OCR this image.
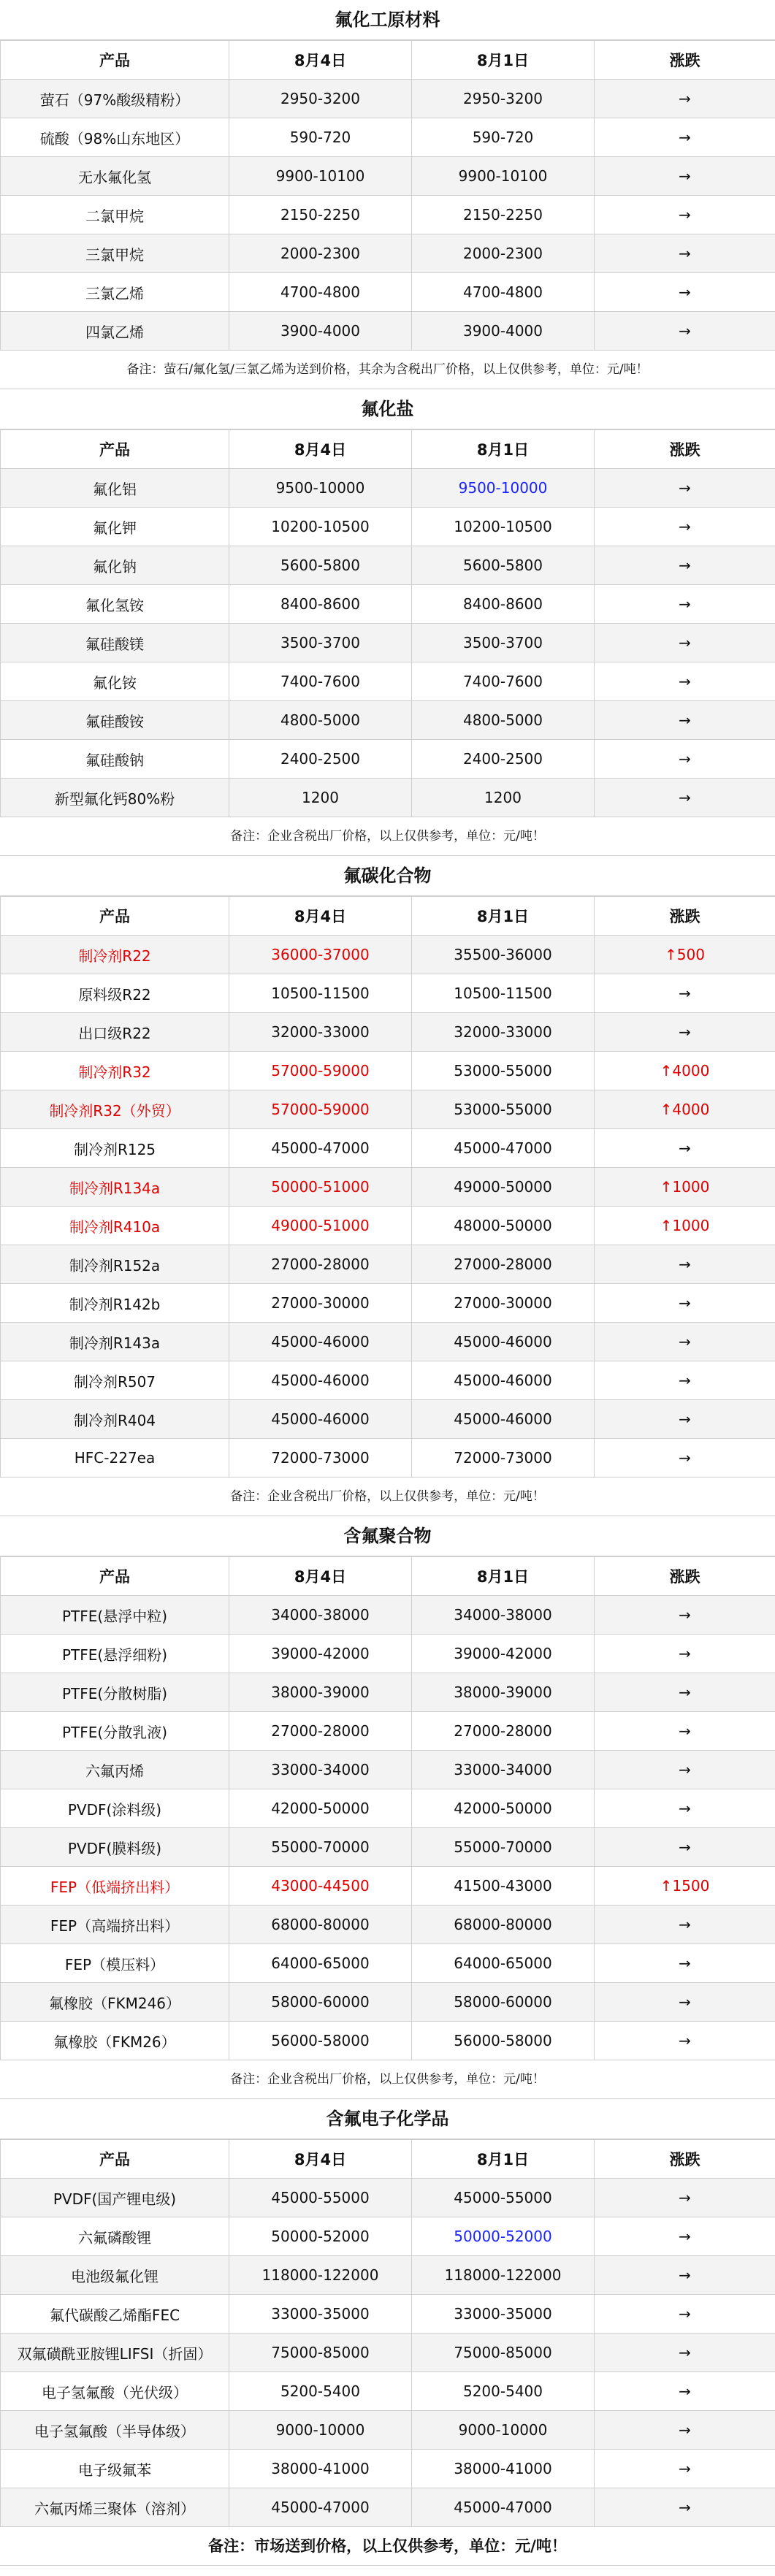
氟化工原材料
产品	8月4日	8月1日	涨跌
萤石（97%酸级精粉）	2950-3200	2950-3200	→
硫酸（98%山东地区）	590-720	590-720	→
无水氟化氢	9900-10100	9900-10100	→
二氯甲烷	2150-2250	2150-2250	→
三氯甲烷	2000-2300	2000-2300	→
三氯乙烯	4700-4800	4700-4800	→
四氯乙烯	3900-4000	3900-4000	→
备注：萤石/氟化氢/三氯乙烯为送到价格，其余为含税出厂价格，以上仅供参考，单位：元/吨！
氟化盐
产品	8月4日	8月1日	涨跌
氟化铝	9500-10000	9500-10000	→
氟化钾	10200-10500	10200-10500	→
氟化钠	5600-5800	5600-5800	→
氟化氢铵	8400-8600	8400-8600	→
氟硅酸镁	3500-3700	3500-3700	→
氟化铵	7400-7600	7400-7600	→
氟硅酸铵	4800-5000	4800-5000	→
氟硅酸钠	2400-2500	2400-2500	→
新型氟化钙80%粉	1200	1200	→
备注：企业含税出厂价格，以上仅供参考，单位：元/吨！
氟碳化合物
产品	8月4日	8月1日	涨跌
制冷剂R22	36000-37000	35500-36000	↑500
原料级R22	10500-11500	10500-11500	→
出口级R22	32000-33000	32000-33000	→
制冷剂R32	57000-59000	53000-55000	↑4000
制冷剂R32（外贸）	57000-59000	53000-55000	↑4000
制冷剂R125	45000-47000	45000-47000	→
制冷剂R134a	50000-51000	49000-50000	↑1000
制冷剂R410a	49000-51000	48000-50000	↑1000
制冷剂R152a	27000-28000	27000-28000	→
制冷剂R142b	27000-30000	27000-30000	→
制冷剂R143a	45000-46000	45000-46000	→
制冷剂R507	45000-46000	45000-46000	→
制冷剂R404	45000-46000	45000-46000	→
HFC-227ea	72000-73000	72000-73000	→
备注：企业含税出厂价格，以上仅供参考，单位：元/吨！
含氟聚合物
产品	8月4日	8月1日	涨跌
PTFE(悬浮中粒)	34000-38000	34000-38000	→
PTFE(悬浮细粉)	39000-42000	39000-42000	→
PTFE(分散树脂)	38000-39000	38000-39000	→
PTFE(分散乳液)	27000-28000	27000-28000	→
六氟丙烯	33000-34000	33000-34000	→
PVDF(涂料级)	42000-50000	42000-50000	→
PVDF(膜料级)	55000-70000	55000-70000	→
FEP（低端挤出料）	43000-44500	41500-43000	↑1500
FEP（高端挤出料）	68000-80000	68000-80000	→
FEP（模压料）	64000-65000	64000-65000	→
氟橡胶（FKM246）	58000-60000	58000-60000	→
氟橡胶（FKM26）	56000-58000	56000-58000	→
备注：企业含税出厂价格，以上仅供参考，单位：元/吨！
含氟电子化学品
产品	8月4日	8月1日	涨跌
PVDF(国产锂电级)	45000-55000	45000-55000	→
六氟磷酸锂	50000-52000	50000-52000	→
电池级氟化锂	118000-122000	118000-122000	→
氟代碳酸乙烯酯FEC	33000-35000	33000-35000	→
双氟磺酰亚胺锂LIFSI（折固）	75000-85000	75000-85000	→
电子氢氟酸（光伏级）	5200-5400	5200-5400	→
电子氢氟酸（半导体级）	9000-10000	9000-10000	→
电子级氟苯	38000-41000	38000-41000	→
六氟丙烯三聚体（溶剂）	45000-47000	45000-47000	→
备注：市场送到价格，以上仅供参考，单位：元/吨！
